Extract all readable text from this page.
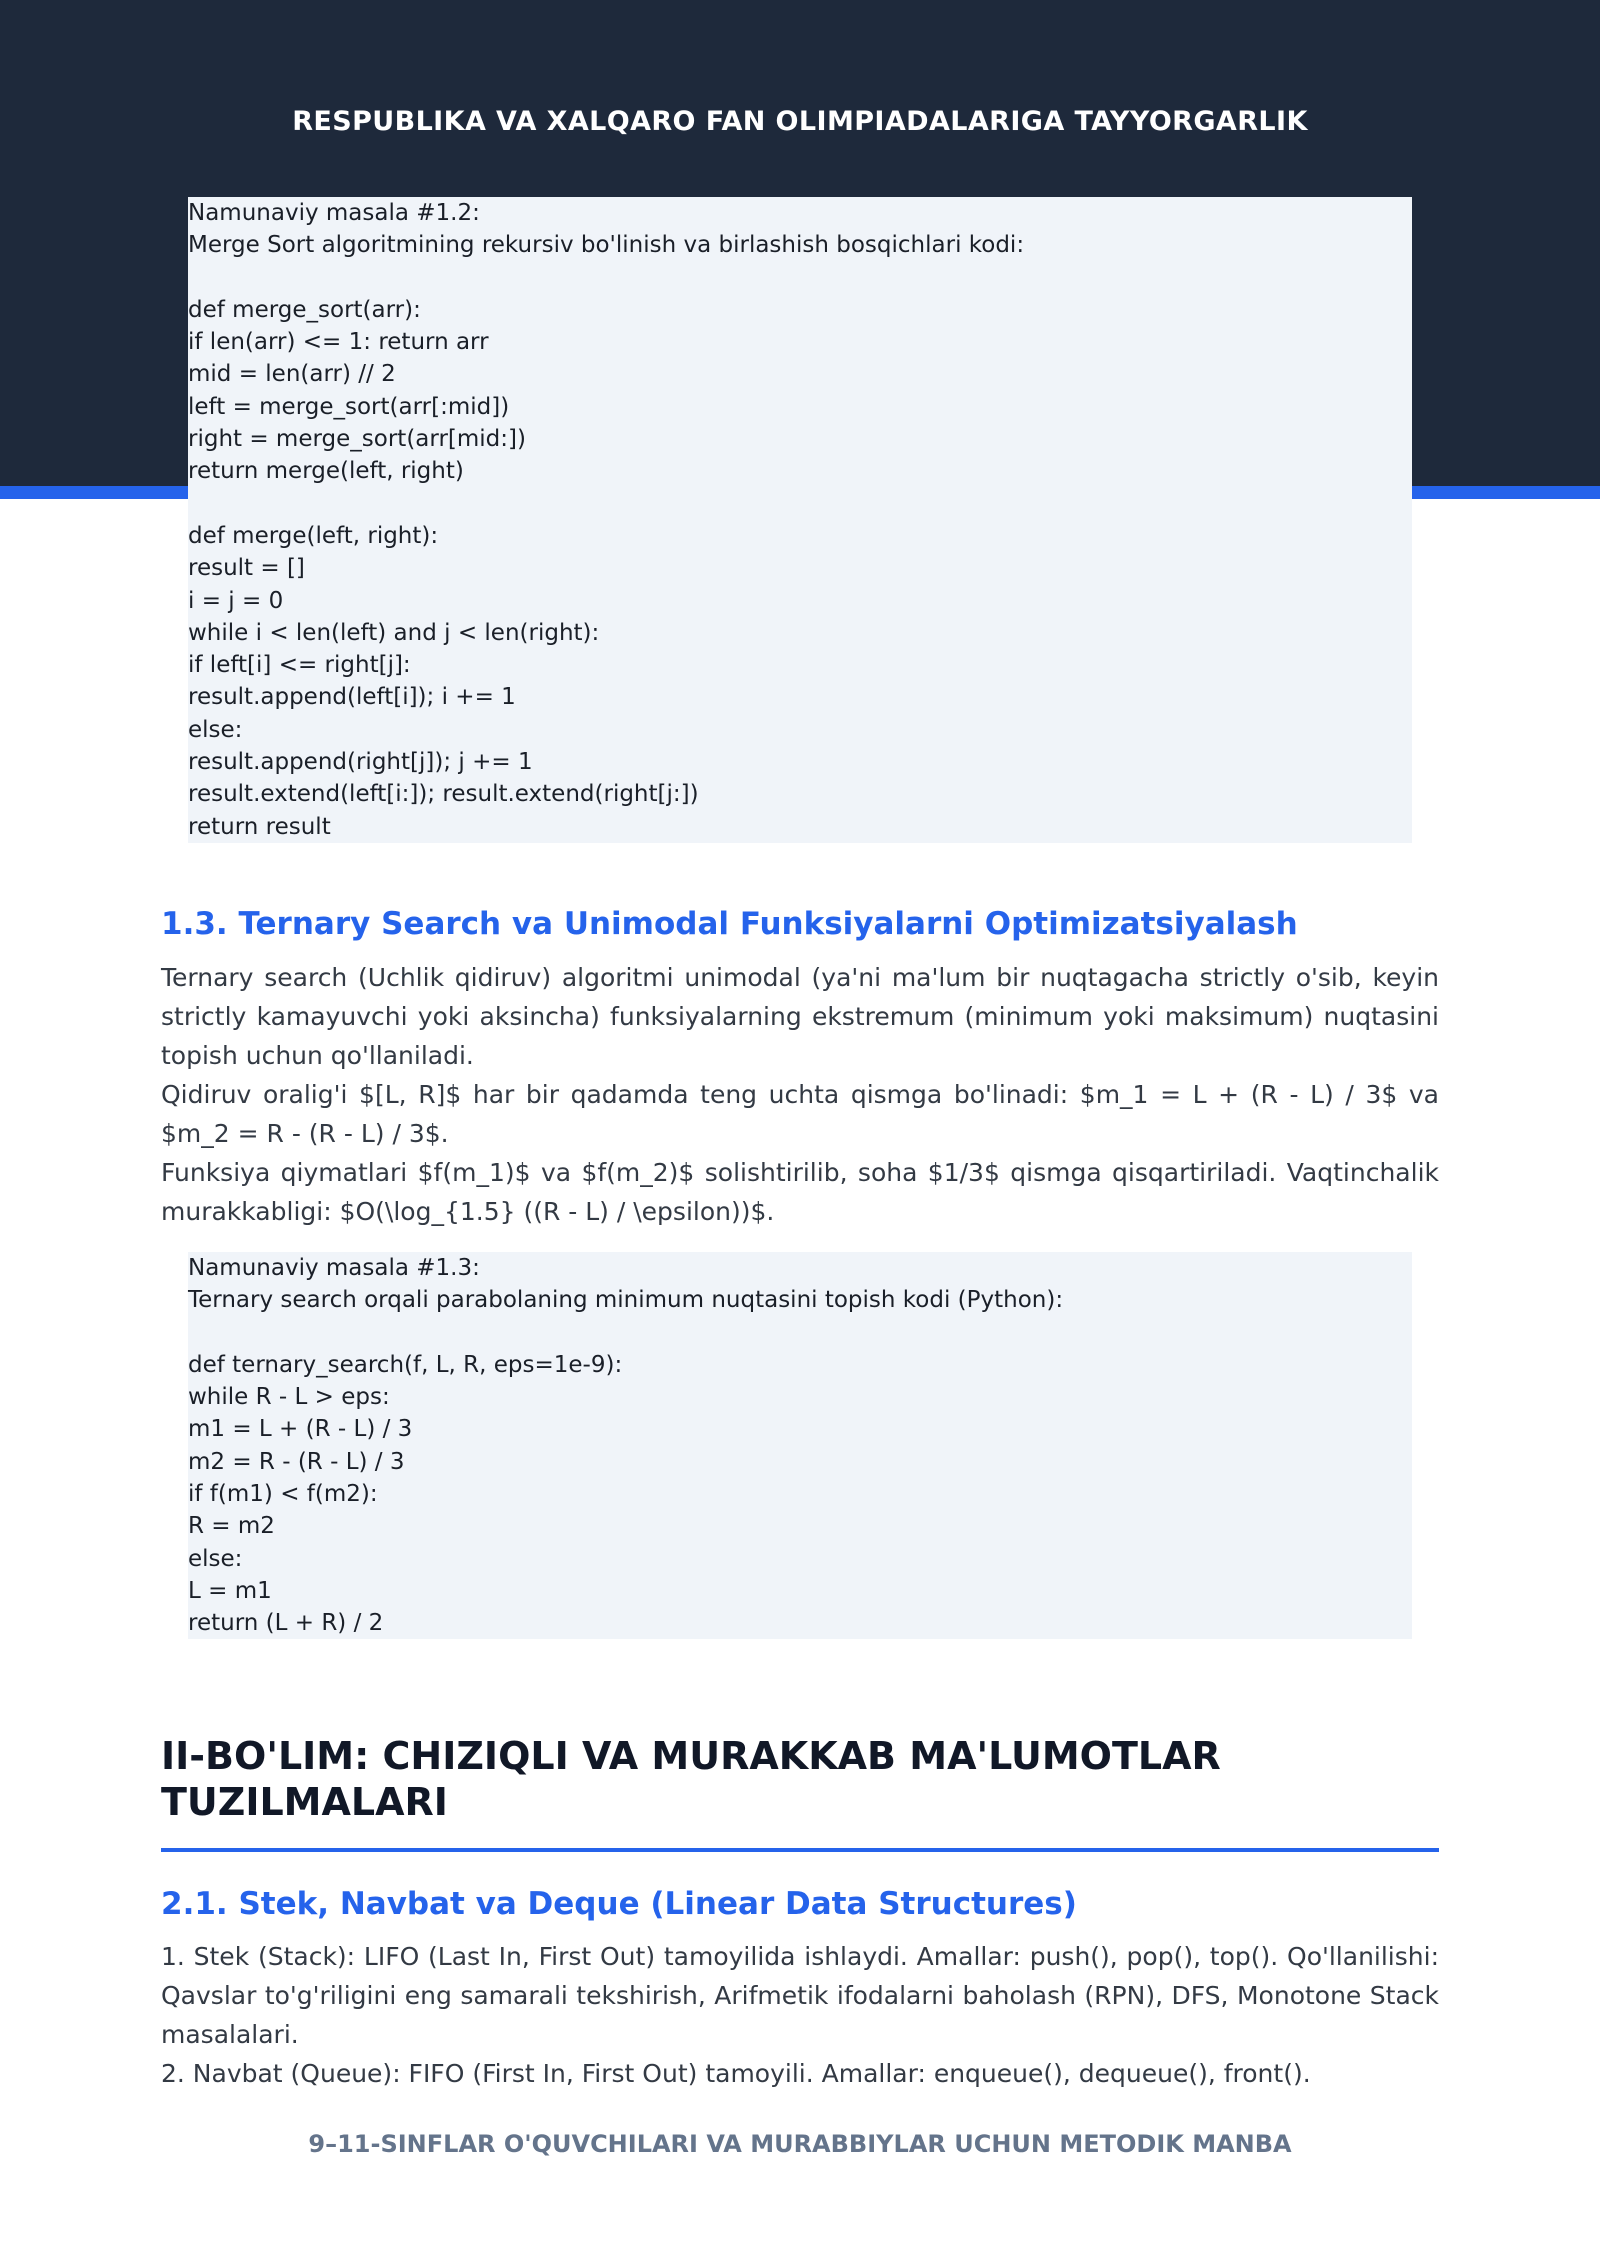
RESPUBLIKA VA XALQARO FAN OLIMPIADALARIGA TAYYORGARLIK
Namunaviy masala #1.2:
Merge Sort algoritmining rekursiv bo'linish va birlashish bosqichlari kodi:
def merge_sort(arr):
if len(arr) <= 1: return arr
mid = len(arr) // 2
left = merge_sort(arr[:mid])
right = merge_sort(arr[mid:])
return merge(left, right)
def merge(left, right):
result = []
i = j = 0
while i < len(left) and j < len(right):
if left[i] <= right[j]:
result.append(left[i]); i += 1
else:
result.append(right[j]); j += 1
result.extend(left[i:]); result.extend(right[j:])
return result
1.3. Ternary Search va Unimodal Funksiyalarni Optimizatsiyalash

Ternary search (Uchlik qidiruv) algoritmi unimodal (ya'ni ma'lum bir nuqtagacha strictly o'sib, keyin strictly kamayuvchi yoki aksincha) funksiyalarning ekstremum (minimum yoki maksimum) nuqtasini topish uchun qo'llaniladi.

Qidiruv oralig'i $[L, R]$ har bir qadamda teng uchta qismga bo'linadi: $m_1 = L + (R - L) / 3$ va $m_2 = R - (R - L) / 3$.

Funksiya qiymatlari $f(m_1)$ va $f(m_2)$ solishtirilib, soha $1/3$ qismga qisqartiriladi. Vaqtinchalik murakkabligi: $O(\log_{1.5} ((R - L) / \epsilon))$.

Namunaviy masala #1.3:
Ternary search orqali parabolaning minimum nuqtasini topish kodi (Python):
def ternary_search(f, L, R, eps=1e-9):
while R - L > eps:
m1 = L + (R - L) / 3
m2 = R - (R - L) / 3
if f(m1) < f(m2):
R = m2
else:
L = m1
return (L + R) / 2
II-BO'LIM: CHIZIQLI VA MURAKKAB MA'LUMOTLAR TUZILMALARI
2.1. Stek, Navbat va Deque (Linear Data Structures)

1. Stek (Stack): LIFO (Last In, First Out) tamoyilida ishlaydi. Amallar: push(), pop(), top(). Qo'llanilishi: Qavslar to'g'riligini eng samarali tekshirish, Arifmetik ifodalarni baholash (RPN), DFS, Monotone Stack masalalari.

2. Navbat (Queue): FIFO (First In, First Out) tamoyili. Amallar: enqueue(), dequeue(), front().

9–11-SINFLAR O'QUVCHILARI VA MURABBIYLAR UCHUN METODIK MANBA
